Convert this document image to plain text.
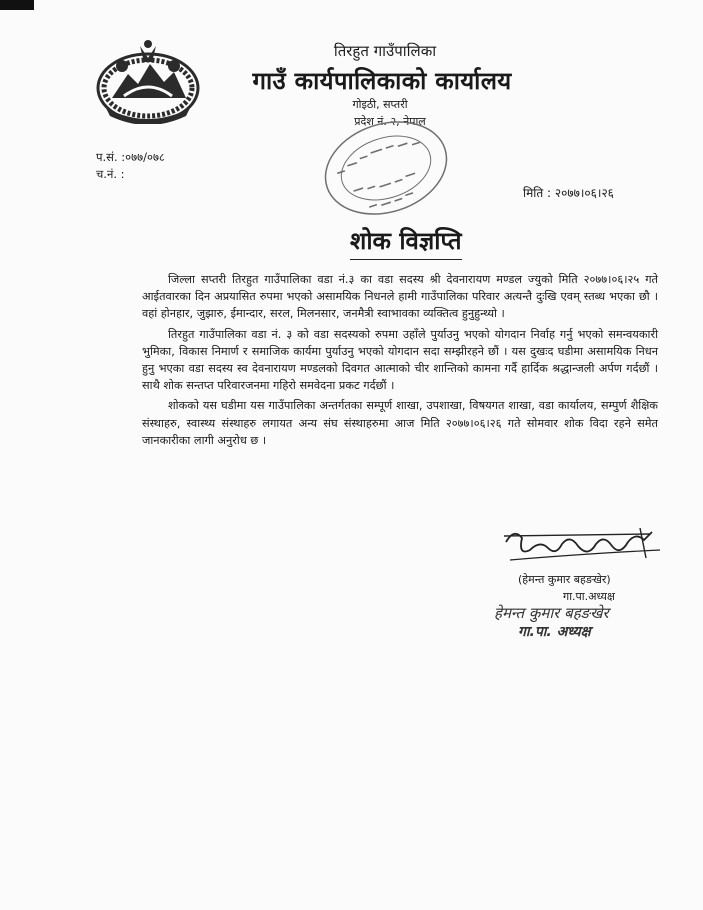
तिरहुत गाउँपालिका
गाउँ कार्यपालिकाको कार्यालय
गोइठी, सप्तरी
प्रदेश नं. २, नेपाल
प.सं. :०७७/०७८
च.नं. :
मिति : २०७७।०६।२६
शोक विज्ञप्ति

जिल्ला सप्तरी तिरहुत गाउँपालिका वडा नं.३ का वडा सदस्य श्री देवनारायण मण्डल ज्युको मिति २०७७।०६।२५ गते आईतवारका दिन अप्रयासित रुपमा भएको असामयिक निधनले हामी गाउँपालिका परिवार अत्यन्तै दुःखि एवम् स्तब्ध भएका छौ । वहां होनहार, जुझारु, ईमान्दार, सरल, मिलनसार, जनमैत्री स्वाभावका व्यक्तित्व हुनुहुन्थ्यो ।

तिरहुत गाउँपालिका वडा नं. ३ को वडा सदस्यको रुपमा उहाँले पुर्याउनु भएको योगदान निर्वाह गर्नु भएको समन्वयकारी भुमिका, विकास निमार्ण र समाजिक कार्यमा पुर्याउनु भएको योगदान सदा सम्झीरहने छौं । यस दुखःद घडीमा असामयिक निधन हुनु भएका वडा सदस्य स्व देवनारायण मण्डलको दिवगत आत्माको चीर शान्तिको कामना गर्दै हार्दिक श्रद्धान्जली अर्पण गर्दछौं । साथै शोक सन्तप्त परिवारजनमा गहिरो समवेदना प्रकट गर्दछौं ।

शोकको यस घडीमा यस गाउँपालिका अन्तर्गतका सम्पूर्ण शाखा, उपशाखा, विषयगत शाखा, वडा कार्यालय, सम्पुर्ण शैक्षिक संस्थाहरु, स्वास्थ्य संस्थाहरु लगायत अन्य संघ संस्थाहरुमा आज मिति २०७७।०६।२६ गते सोमवार शोक विदा रहने समेत जानकारीका लागी अनुरोध छ ।

(हेमन्त कुमार बहङखेर)
गा.पा.अध्यक्ष
हेमन्त कुमार बहङखेर
गा.पा. अध्यक्ष
